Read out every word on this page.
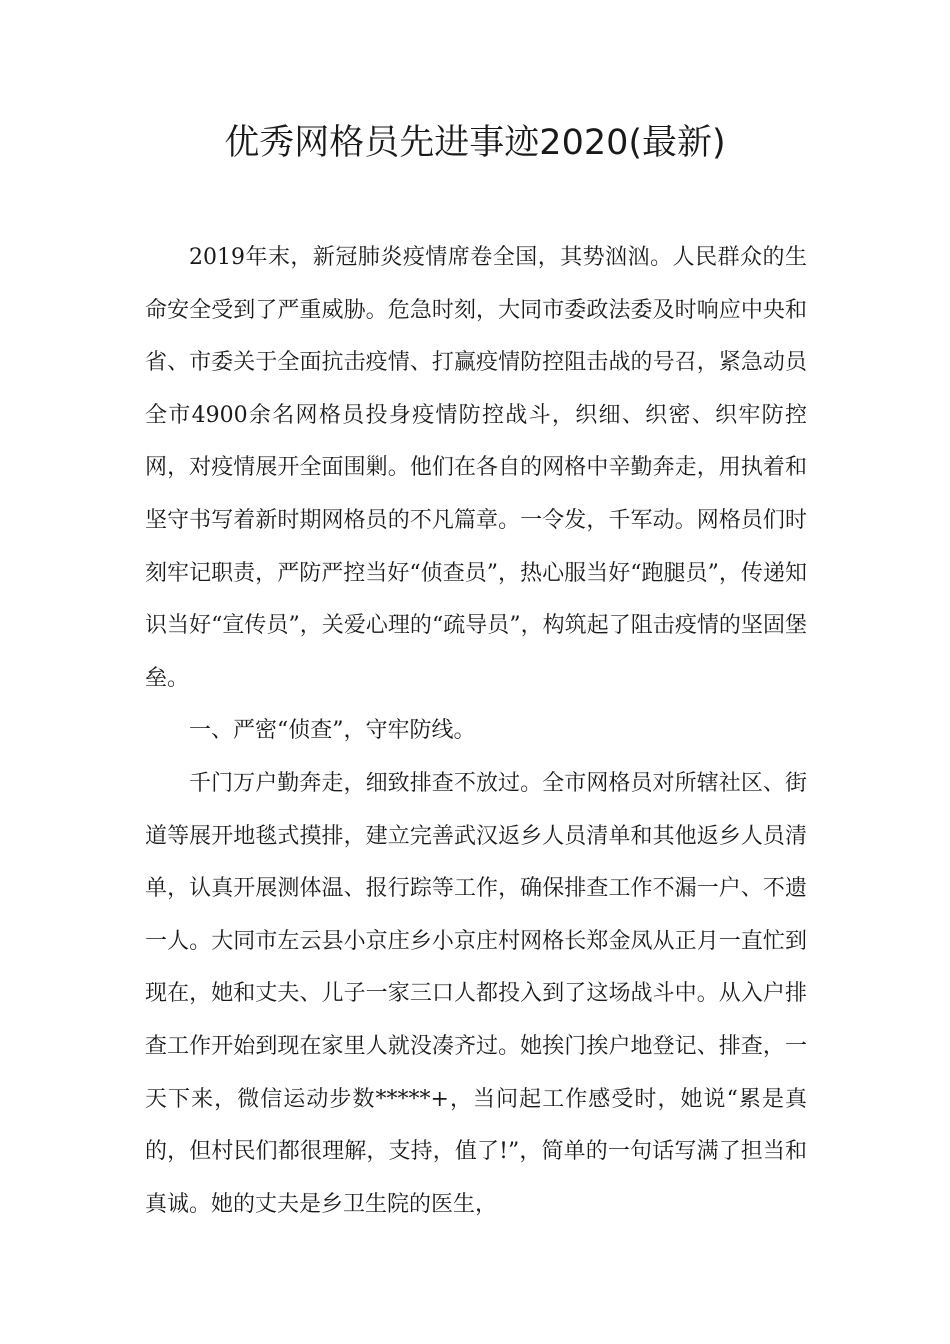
优秀网格员先进事迹2020(最新)

2019年末，新冠肺炎疫情席卷全国，其势汹汹。人民群众的生命安全受到了严重威胁。危急时刻，大同市委政法委及时响应中央和省、市委关于全面抗击疫情、打赢疫情防控阻击战的号召，紧急动员全市4900余名网格员投身疫情防控战斗，织细、织密、织牢防控网，对疫情展开全面围剿。他们在各自的网格中辛勤奔走，用执着和坚守书写着新时期网格员的不凡篇章。一令发，千军动。网格员们时刻牢记职责，严防严控当好“侦查员”，热心服当好“跑腿员”，传递知识当好“宣传员”，关爱心理的“疏导员”，构筑起了阻击疫情的坚固堡垒。

一、严密“侦查”，守牢防线。

千门万户勤奔走，细致排查不放过。全市网格员对所辖社区、街道等展开地毯式摸排，建立完善武汉返乡人员清单和其他返乡人员清单，认真开展测体温、报行踪等工作，确保排查工作不漏一户、不遗一人。大同市左云县小京庄乡小京庄村网格长郑金凤从正月一直忙到现在，她和丈夫、儿子一家三口人都投入到了这场战斗中。从入户排查工作开始到现在家里人就没凑齐过。她挨门挨户地登记、排查，一天下来，微信运动步数*****+，当问起工作感受时，她说“累是真的，但村民们都很理解，支持，值了!”，简单的一句话写满了担当和真诚。她的丈夫是乡卫生院的医生，
